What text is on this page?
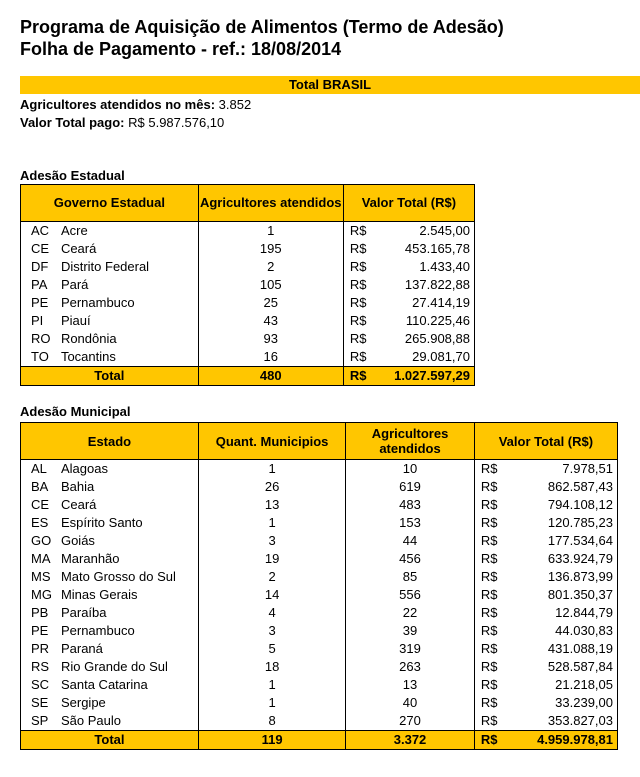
Programa de Aquisição de Alimentos (Termo de Adesão)
Folha de Pagamento - ref.: 18/08/2014
Total BRASIL
Agricultores atendidos no mês: 3.852
Valor Total pago: R$ 5.987.576,10
Adesão Estadual
Governo Estadual		Agricultores atendidos	Valor Total (R$)	
AC	Acre	1	R$	2.545,00
CE	Ceará	195	R$	453.165,78
DF	Distrito Federal	2	R$	1.433,40
PA	Pará	105	R$	137.822,88
PE	Pernambuco	25	R$	27.414,19
PI	Piauí	43	R$	110.225,46
RO	Rondônia	93	R$	265.908,88
TO	Tocantins	16	R$	29.081,70
Total		480	R$	1.027.597,29
Adesão Municipal
Estado		Quant. Municipios	Agricultores atendidos	Valor Total (R$)	
AL	Alagoas	1	10	R$	7.978,51
BA	Bahia	26	619	R$	862.587,43
CE	Ceará	13	483	R$	794.108,12
ES	Espírito Santo	1	153	R$	120.785,23
GO	Goiás	3	44	R$	177.534,64
MA	Maranhão	19	456	R$	633.924,79
MS	Mato Grosso do Sul	2	85	R$	136.873,99
MG	Minas Gerais	14	556	R$	801.350,37
PB	Paraíba	4	22	R$	12.844,79
PE	Pernambuco	3	39	R$	44.030,83
PR	Paraná	5	319	R$	431.088,19
RS	Rio Grande do Sul	18	263	R$	528.587,84
SC	Santa Catarina	1	13	R$	21.218,05
SE	Sergipe	1	40	R$	33.239,00
SP	São Paulo	8	270	R$	353.827,03
Total		119	3.372	R$	4.959.978,81
